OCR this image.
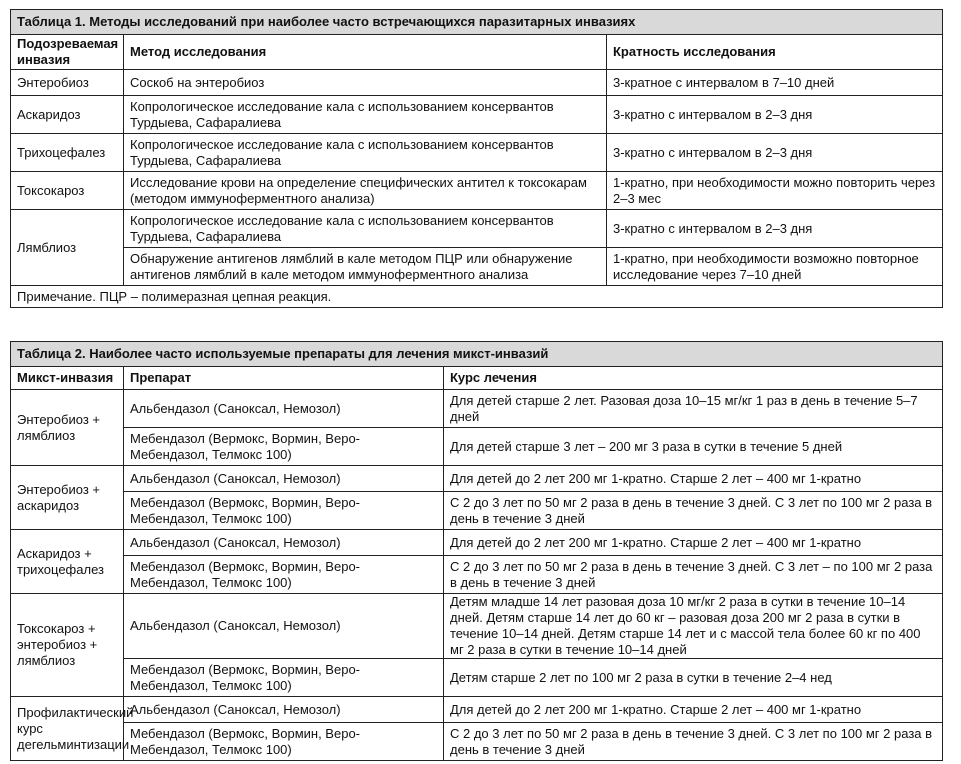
Таблица 1. Методы исследований при наиболее часто встречающихся паразитарных инвазиях		
Подозреваемая инвазия	Метод исследования	Кратность исследования
Энтеробиоз	Соскоб на энтеробиоз	3-кратное с интервалом в 7–10 дней
Аскаридоз	Копрологическое исследование кала с использованием консервантов Турдыева, Сафаралиева	3-кратно с интервалом в 2–3 дня
Трихоцефалез	Копрологическое исследование кала с использованием консервантов Турдыева, Сафаралиева	3-кратно с интервалом в 2–3 дня
Токсокароз	Исследование крови на определение специфических антител к токсокарам (методом иммуноферментного анализа)	1-кратно, при необходимости можно повторить через 2–3 мес
Лямблиоз	Копрологическое исследование кала с использованием консервантов Турдыева, Сафаралиева	3-кратно с интервалом в 2–3 дня
	Обнаружение антигенов лямблий в кале методом ПЦР или обнаружение антигенов лямблий в кале методом иммуноферментного анализа	1-кратно, при необходимости возможно повторное исследование через 7–10 дней
Примечание. ПЦР – полимеразная цепная реакция.		
Таблица 2. Наиболее часто используемые препараты для лечения микст-инвазий		
Микст-инвазия	Препарат	Курс лечения
Энтеробиоз + лямблиоз	Альбендазол (Саноксал, Немозол)	Для детей старше 2 лет. Разовая доза 10–15 мг/кг 1 раз в день в течение 5–7 дней
	Мебендазол (Вермокс, Вормин, Веро-Мебендазол, Телмокс 100)	Для детей старше 3 лет – 200 мг 3 раза в сутки в течение 5 дней
Энтеробиоз + аскаридоз	Альбендазол (Саноксал, Немозол)	Для детей до 2 лет 200 мг 1-кратно. Старше 2 лет – 400 мг 1-кратно
	Мебендазол (Вермокс, Вормин, Веро-Мебендазол, Телмокс 100)	С 2 до 3 лет по 50 мг 2 раза в день в течение 3 дней. С 3 лет по 100 мг 2 раза в день в течение 3 дней
Аскаридоз + трихоцефалез	Альбендазол (Саноксал, Немозол)	Для детей до 2 лет 200 мг 1-кратно. Старше 2 лет – 400 мг 1-кратно
	Мебендазол (Вермокс, Вормин, Веро-Мебендазол, Телмокс 100)	С 2 до 3 лет по 50 мг 2 раза в день в течение 3 дней. С 3 лет – по 100 мг 2 раза в день в течение 3 дней
Токсокароз + энтеробиоз + лямблиоз	Альбендазол (Саноксал, Немозол)	Детям младше 14 лет разовая доза 10 мг/кг 2 раза в сутки в течение 10–14 дней. Детям старше 14 лет до 60 кг – разовая доза 200 мг 2 раза в сутки в течение 10–14 дней. Детям старше 14 лет и с массой тела более 60 кг по 400 мг 2 раза в сутки в течение 10–14 дней
	Мебендазол (Вермокс, Вормин, Веро-Мебендазол, Телмокс 100)	Детям старше 2 лет по 100 мг 2 раза в сутки в течение 2–4 нед
Профилактический курс дегельминтизации	Альбендазол (Саноксал, Немозол)	Для детей до 2 лет 200 мг 1-кратно. Старше 2 лет – 400 мг 1-кратно
	Мебендазол (Вермокс, Вормин, Веро-Мебендазол, Телмокс 100)	С 2 до 3 лет по 50 мг 2 раза в день в течение 3 дней. С 3 лет по 100 мг 2 раза в день в течение 3 дней
